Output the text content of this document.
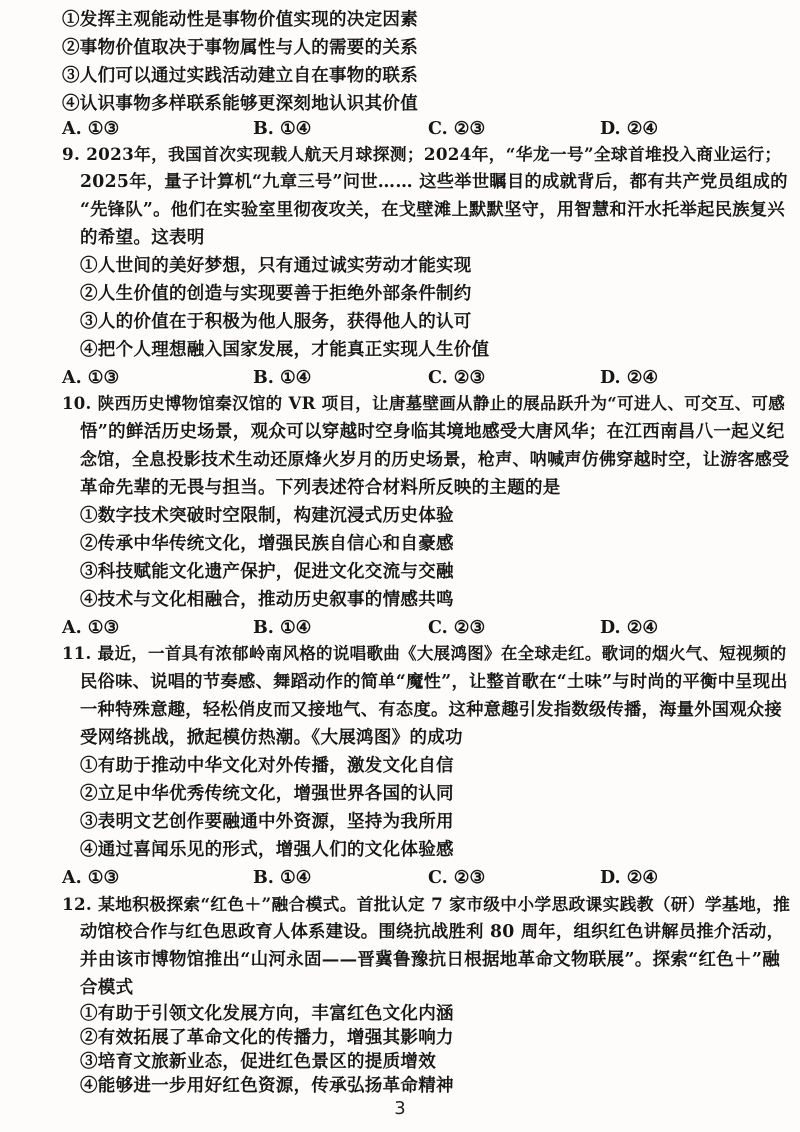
①发挥主观能动性是事物价值实现的决定因素
②事物价值取决于事物属性与人的需要的关系
③人们可以通过实践活动建立自在事物的联系
④认识事物多样联系能够更深刻地认识其价值
A. ①③	B. ①④	C. ②③	D. ②④
9. 2023年，我国首次实现载人航天月球探测；2024年，“华龙一号”全球首堆投入商业运行；
2025年，量子计算机“九章三号”问世…… 这些举世瞩目的成就背后，都有共产党员组成的
“先锋队”。他们在实验室里彻夜攻关，在戈壁滩上默默坚守，用智慧和汗水托举起民族复兴
的希望。这表明
①人世间的美好梦想，只有通过诚实劳动才能实现
②人生价值的创造与实现要善于拒绝外部条件制约
③人的价值在于积极为他人服务，获得他人的认可
④把个人理想融入国家发展，才能真正实现人生价值
A. ①③	B. ①④	C. ②③	D. ②④
10. 陕西历史博物馆秦汉馆的 VR 项目，让唐墓壁画从静止的展品跃升为“可进人、可交互、可感
悟”的鲜活历史场景，观众可以穿越时空身临其境地感受大唐风华；在江西南昌八一起义纪
念馆，全息投影技术生动还原烽火岁月的历史场景，枪声、呐喊声仿佛穿越时空，让游客感受
革命先辈的无畏与担当。下列表述符合材料所反映的主题的是
①数字技术突破时空限制，构建沉浸式历史体验
②传承中华传统文化，增强民族自信心和自豪感
③科技赋能文化遗产保护，促进文化交流与交融
④技术与文化相融合，推动历史叙事的情感共鸣
A. ①③	B. ①④	C. ②③	D. ②④
11. 最近，一首具有浓郁岭南风格的说唱歌曲《大展鸿图》在全球走红。歌词的烟火气、短视频的
民俗味、说唱的节奏感、舞蹈动作的简单“魔性”，让整首歌在“土味”与时尚的平衡中呈现出
一种特殊意趣，轻松俏皮而又接地气、有态度。这种意趣引发指数级传播，海量外国观众接
受网络挑战，掀起模仿热潮。《大展鸿图》的成功
①有助于推动中华文化对外传播，激发文化自信
②立足中华优秀传统文化，增强世界各国的认同
③表明文艺创作要融通中外资源，坚持为我所用
④通过喜闻乐见的形式，增强人们的文化体验感
A. ①③	B. ①④	C. ②③	D. ②④
12. 某地积极探索“红色＋”融合模式。首批认定 7 家市级中小学思政课实践教（研）学基地，推
动馆校合作与红色思政育人体系建设。围绕抗战胜利 80 周年，组织红色讲解员推介活动，
并由该市博物馆推出“山河永固——晋冀鲁豫抗日根据地革命文物联展”。探索“红色＋”融
合模式
①有助于引领文化发展方向，丰富红色文化内涵
②有效拓展了革命文化的传播力，增强其影响力
③培育文旅新业态，促进红色景区的提质增效
④能够进一步用好红色资源，传承弘扬革命精神
3
